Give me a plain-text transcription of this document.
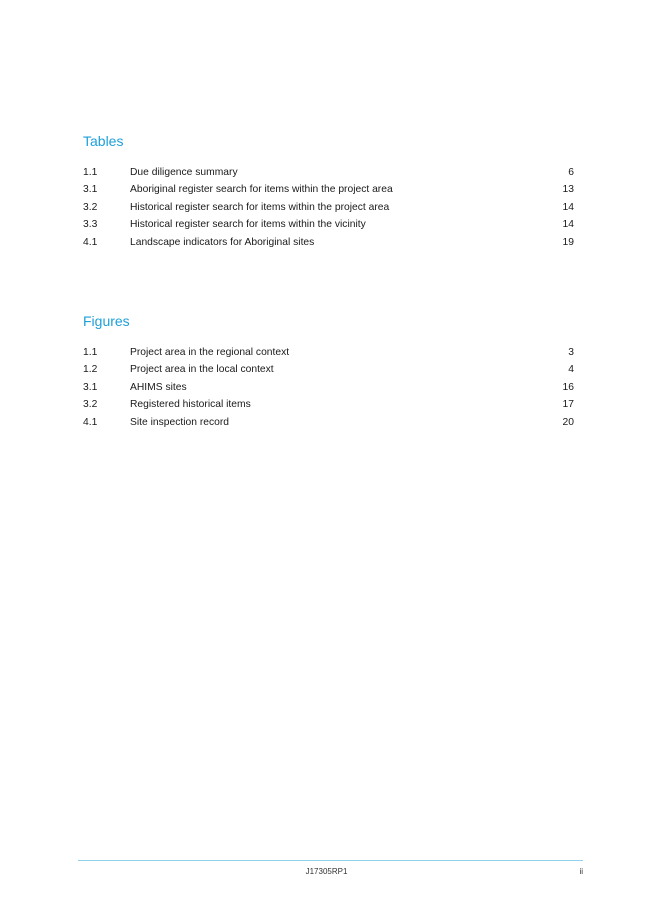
Tables
1.1	Due diligence summary	6
3.1	Aboriginal register search for items within the project area	13
3.2	Historical register search for items within the project area	14
3.3	Historical register search for items within the vicinity	14
4.1	Landscape indicators for Aboriginal sites	19
Figures
1.1	Project area in the regional context	3
1.2	Project area in the local context	4
3.1	AHIMS sites	16
3.2	Registered historical items	17
4.1	Site inspection record	20
J17305RP1	ii
